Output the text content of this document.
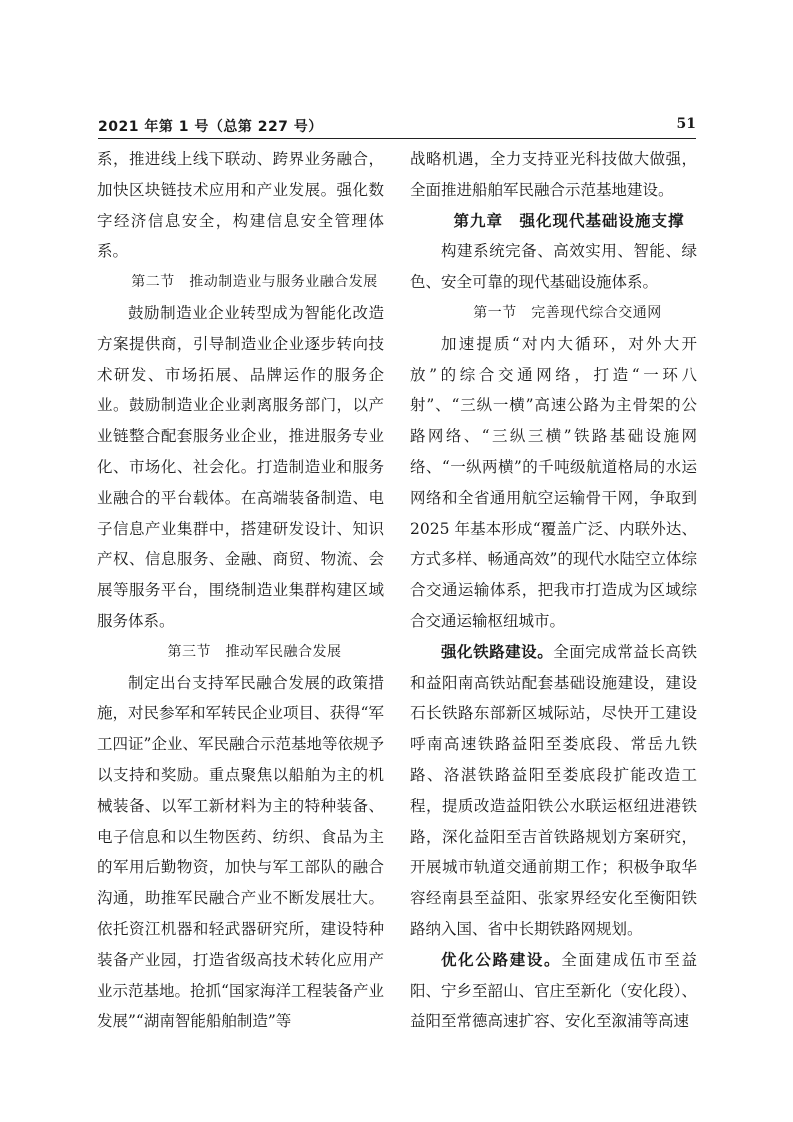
2021 年第 1 号（总第 227 号）	51

系，推进线上线下联动、跨界业务融合，加快区块链技术应用和产业发展。强化数字经济信息安全，构建信息安全管理体系。

第二节　推动制造业与服务业融合发展

鼓励制造业企业转型成为智能化改造方案提供商，引导制造业企业逐步转向技术研发、市场拓展、品牌运作的服务企业。鼓励制造业企业剥离服务部门，以产业链整合配套服务业企业，推进服务专业化、市场化、社会化。打造制造业和服务业融合的平台载体。在高端装备制造、电子信息产业集群中，搭建研发设计、知识产权、信息服务、金融、商贸、物流、会展等服务平台，围绕制造业集群构建区域服务体系。

第三节　推动军民融合发展

制定出台支持军民融合发展的政策措施，对民参军和军转民企业项目、获得“军工四证”企业、军民融合示范基地等依规予以支持和奖励。重点聚焦以船舶为主的机械装备、以军工新材料为主的特种装备、电子信息和以生物医药、纺织、食品为主的军用后勤物资，加快与军工部队的融合沟通，助推军民融合产业不断发展壮大。依托资江机器和轻武器研究所，建设特种装备产业园，打造省级高技术转化应用产业示范基地。抢抓“国家海洋工程装备产业发展”“湖南智能船舶制造”等

战略机遇，全力支持亚光科技做大做强，全面推进船舶军民融合示范基地建设。

第九章　强化现代基础设施支撑

构建系统完备、高效实用、智能、绿色、安全可靠的现代基础设施体系。

第一节　完善现代综合交通网

加速提质“对内大循环，对外大开放”的综合交通网络，打造“一环八射”、“三纵一横”高速公路为主骨架的公路网络、“三纵三横”铁路基础设施网络、“一纵两横”的千吨级航道格局的水运网络和全省通用航空运输骨干网，争取到 2025 年基本形成“覆盖广泛、内联外达、方式多样、畅通高效”的现代水陆空立体综合交通运输体系，把我市打造成为区域综合交通运输枢纽城市。

强化铁路建设。全面完成常益长高铁和益阳南高铁站配套基础设施建设，建设石长铁路东部新区城际站，尽快开工建设呼南高速铁路益阳至娄底段、常岳九铁路、洛湛铁路益阳至娄底段扩能改造工程，提质改造益阳铁公水联运枢纽进港铁路，深化益阳至吉首铁路规划方案研究，开展城市轨道交通前期工作；积极争取华容经南县至益阳、张家界经安化至衡阳铁路纳入国、省中长期铁路网规划。

优化公路建设。全面建成伍市至益阳、宁乡至韶山、官庄至新化（安化段）、益阳至常德高速扩容、安化至溆浦等高速
